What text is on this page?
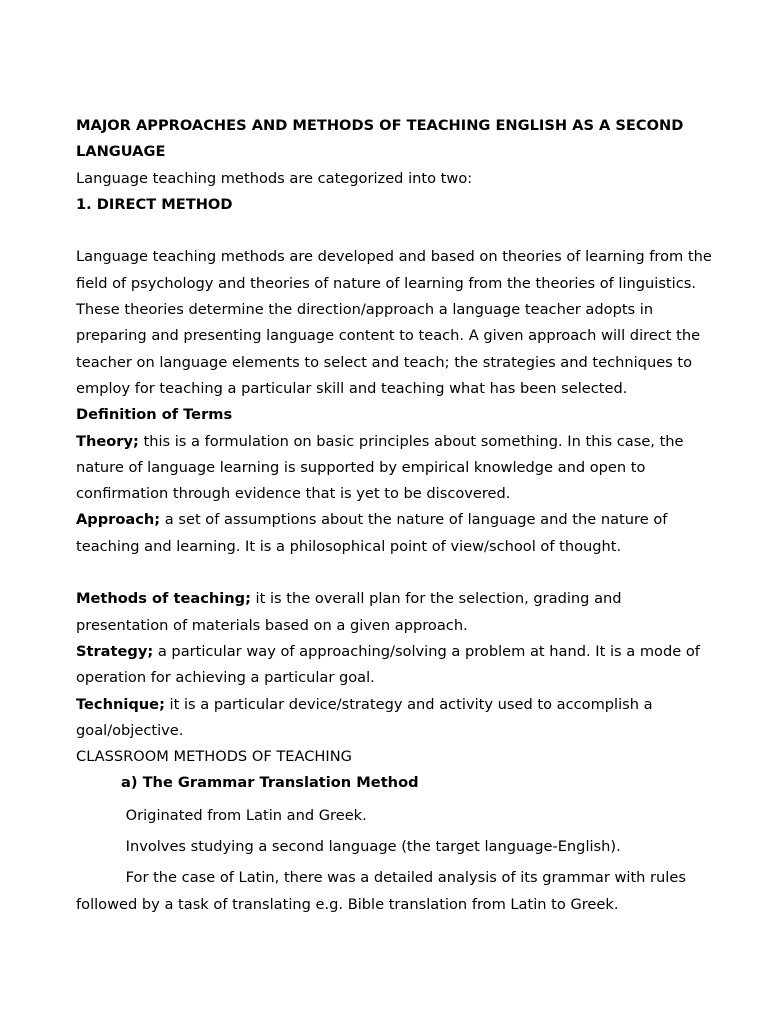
MAJOR APPROACHES AND METHODS OF TEACHING ENGLISH AS A SECOND LANGUAGE

Language teaching methods are categorized into two:

1. DIRECT METHOD

Language teaching methods are developed and based on theories of learning from the field of psychology and theories of nature of learning from the theories of linguistics. These theories determine the direction/approach a language teacher adopts in preparing and presenting language content to teach. A given approach will direct the teacher on language elements to select and teach; the strategies and techniques to employ for teaching a particular skill and teaching what has been selected.

Definition of Terms

Theory; this is a formulation on basic principles about something. In this case, the nature of language learning is supported by empirical knowledge and open to confirmation through evidence that is yet to be discovered.

Approach; a set of assumptions about the nature of language and the nature of teaching and learning. It is a philosophical point of view/school of thought.

Methods of teaching; it is the overall plan for the selection, grading and presentation of materials based on a given approach.

Strategy; a particular way of approaching/solving a problem at hand. It is a mode of operation for achieving a particular goal.

Technique; it is a particular device/strategy and activity used to accomplish a goal/objective.

CLASSROOM METHODS OF TEACHING

a) The Grammar Translation Method

Originated from Latin and Greek.

Involves studying a second language (the target language-English).

For the case of Latin, there was a detailed analysis of its grammar with rules followed by a task of translating e.g. Bible translation from Latin to Greek.
